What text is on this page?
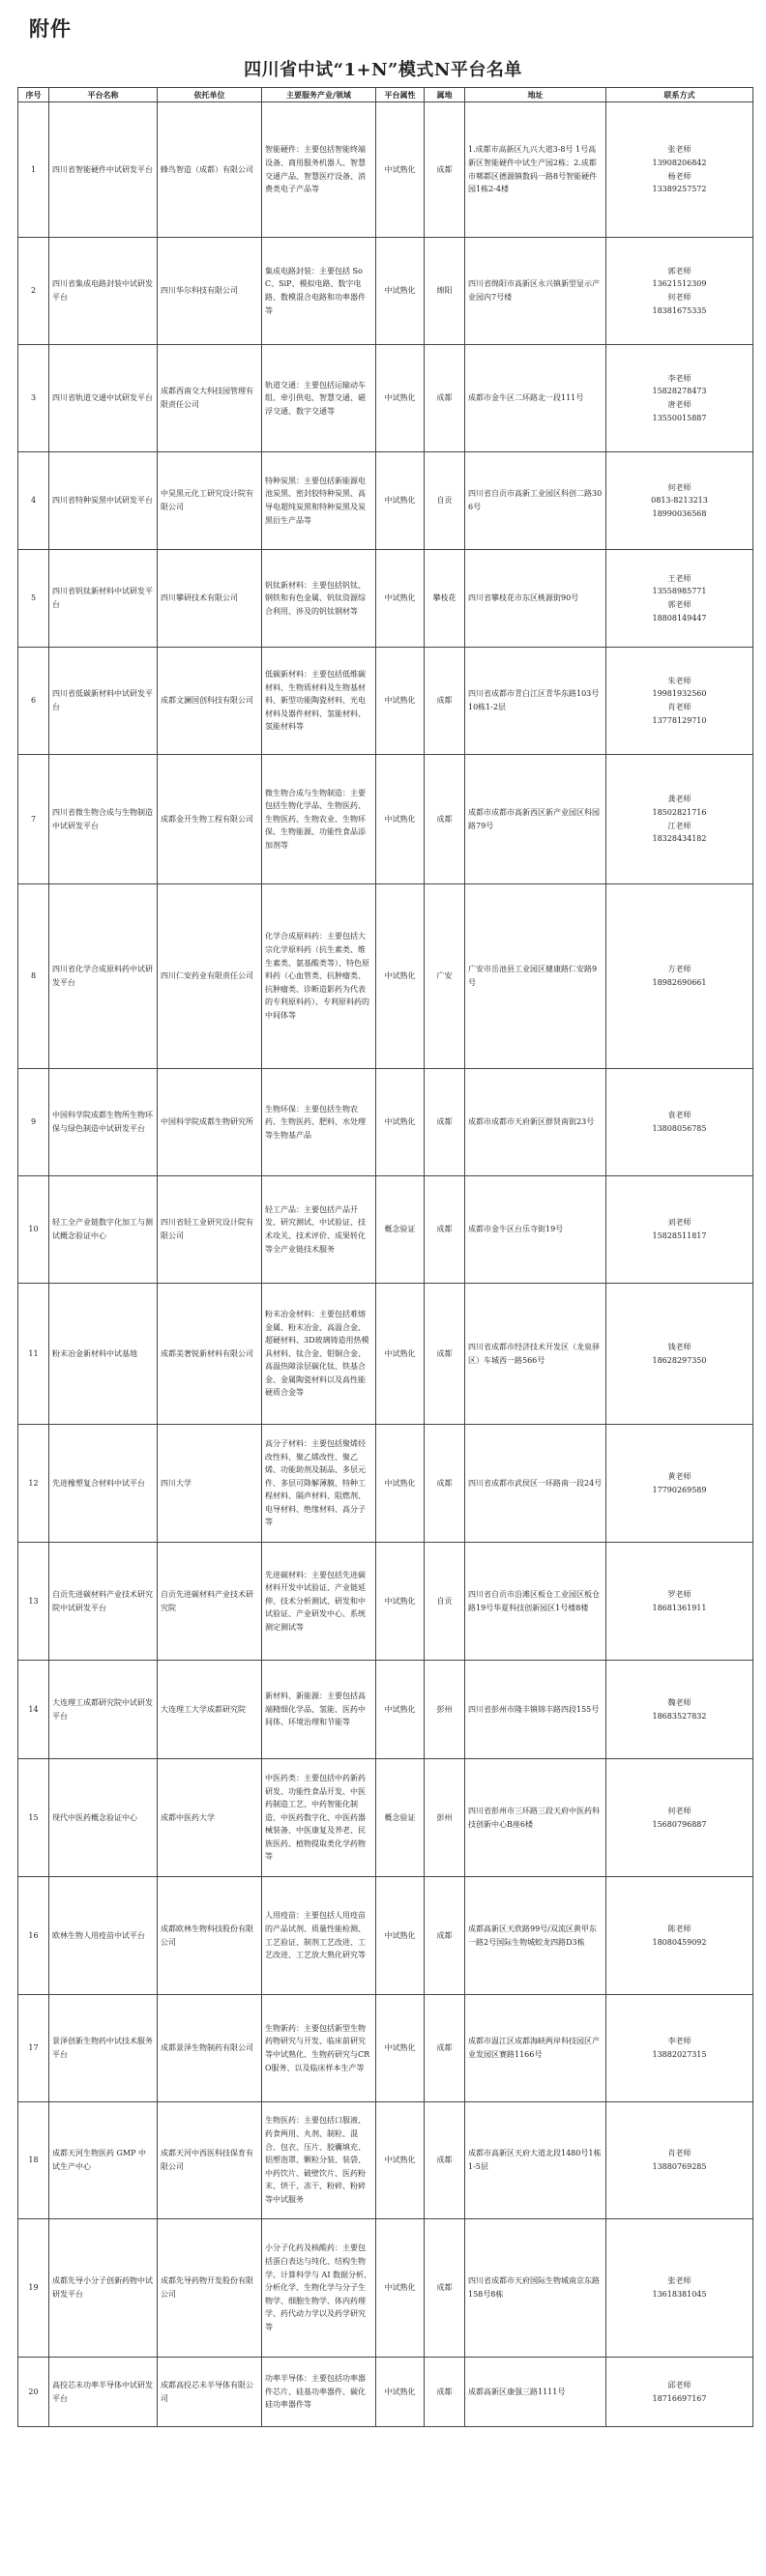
附件
四川省中试“1+N”模式N平台名单
序号	平台名称	依托单位	主要服务产业/领域	平台属性	属地	地址	联系方式
1	四川省智能硬件中试研发平台	蜂鸟智造（成都）有限公司	智能硬件：主要包括智能终端设备、商用服务机器人、智慧交通产品、智慧医疗设备、消费类电子产品等	中试熟化	成都	1.成都市高新区九兴大道3-8号 1号高新区智能硬件中试生产园2栋；2.成都市郫都区德源镇数码一路8号智能硬件园1栋2-4楼	张老师
13908206842
杨老师
13389257572
2	四川省集成电路封装中试研发平台	四川华尔科技有限公司	集成电路封装：主要包括 SoC、SiP、模拟电路、数字电路、数模混合电路和功率器件等	中试熟化	绵阳	四川省绵阳市高新区永兴镇新型显示产业园内7号楼	郭老师
13621512309
何老师
18381675335
3	四川省轨道交通中试研发平台	成都西南交大科技园管理有限责任公司	轨道交通：主要包括运输动车组、牵引供电、智慧交通、磁浮交通、数字交通等	中试熟化	成都	成都市金牛区二环路北一段111号	李老师
15828278473
唐老师
13550015887
4	四川省特种炭黑中试研发平台	中昊黑元化工研究设计院有限公司	特种炭黑：主要包括新能源电池炭黑、密封胶特种炭黑、高导电超纯炭黑和特种炭黑及炭黑衍生产品等	中试熟化	自贡	四川省自贡市高新工业园区科创二路306号	何老师
0813-8213213
18990036568
5	四川省钒钛新材料中试研发平台	四川攀研技术有限公司	钒钛新材料：主要包括钒钛、钢铁和有色金属、钒钛资源综合利用、涉及的钒钛钢材等	中试熟化	攀枝花	四川省攀枝花市东区桃源街90号	王老师
13558985771
郭老师
18808149447
6	四川省低碳新材料中试研发平台	成都文澜国创科技有限公司	低碳新材料：主要包括低维碳材料、生物质材料及生物基材料、新型功能陶瓷材料、光电材料及器件材料、氢能材料、氢能材料等	中试熟化	成都	四川省成都市青白江区青华东路103号10栋1-2层	朱老师
19981932560
肖老师
13778129710
7	四川省微生物合成与生物制造中试研发平台	成都金开生物工程有限公司	微生物合成与生物制造：主要包括生物化学品、生物医药、生物医药、生物农业、生物环保、生物能源、功能性食品添加剂等	中试熟化	成都	成都市成都市高新西区新产业园区科园路79号	龚老师
18502821716
江老师
18328434182
8	四川省化学合成原料药中试研发平台	四川仁安药业有限责任公司	化学合成原料药：主要包括大宗化学原料药（抗生素类、维生素类、氨基酸类等）、特色原料药（心血管类、抗肿瘤类、抗肿瘤类、诊断造影药为代表的专利原料药）、专利原料药的中间体等	中试熟化	广安	广安市岳池县工业园区健康路仁安路9号	方老师
18982690661
9	中国科学院成都生物所生物环保与绿色制造中试研发平台	中国科学院成都生物研究所	生物环保：主要包括生物农药、生物医药、肥料、水处理等生物基产品	中试熟化	成都	成都市成都市天府新区群贤南街23号	袁老师
13808056785
10	轻工全产业链数字化加工与测试概念验证中心	四川省轻工业研究设计院有限公司	轻工产品：主要包括产品开发、研究测试、中试验证、技术攻关、技术评价、成果转化等全产业链技术服务	概念验证	成都	成都市金牛区台乐寺街19号	刘老师
15828511817
11	粉末冶金新材料中试基地	成都美奢锐新材料有限公司	粉末冶金材料：主要包括难熔金属、粉末冶金、高温合金、超硬材料、3D玻璃铸造用热模具材料、钛合金、钼铜合金、高温热障涂层碳化钛、铁基合金、金属陶瓷材料以及高性能硬质合金等	中试熟化	成都	四川省成都市经济技术开发区（龙泉驿区）车城西一路566号	钱老师
18628297350
12	先进橡塑复合材料中试平台	四川大学	高分子材料：主要包括聚烯烃改性料、聚乙烯改性、聚乙烯、功能助剂及制品、多层元件、多层可降解薄膜、特种工程材料、隔声材料、阻燃剂、电导材料、绝缘材料、高分子等	中试熟化	成都	四川省成都市武侯区一环路南一段24号	黄老师
17790269589
13	自贡先进碳材料产业技术研究院中试研发平台	自贡先进碳材料产业技术研究院	先进碳材料：主要包括先进碳材料开发中试验证、产业链延伸、技术分析测试、研发和中试验证、产业研发中心、系统测定测试等	中试熟化	自贡	四川省自贡市沿滩区板仓工业园区板仓路19号华夏科技创新园区1号楼8楼	罗老师
18681361911
14	大连理工成都研究院中试研发平台	大连理工大学成都研究院	新材料、新能源：主要包括高端精细化学品、氢能、医药中间体、环境治理和节能等	中试熟化	彭州	四川省彭州市隆丰镇锦丰路四段155号	魏老师
18683527832
15	现代中医药概念验证中心	成都中医药大学	中医药类：主要包括中药新药研发、功能性食品开发、中医药制造工艺、中药智能化制造、中医药数字化、中医药器械装备、中医康复及养老、民族医药、植物提取类化学药物等	概念验证	彭州	四川省彭州市三环路三段天府中医药科技创新中心B座6楼	何老师
15680796887
16	欧林生物人用疫苗中试平台	成都欧林生物科技股份有限公司	人用疫苗：主要包括人用疫苗的产品试剂、质量性能检测、工艺验证、制剂工艺改进、工艺改进、工艺放大熟化研究等	中试熟化	成都	成都高新区天欣路99号/双流区黄甲东一路2号国际生物城蛟龙四路D3栋	陈老师
18080459092
17	景泽创新生物药中试技术服务平台	成都景泽生物制药有限公司	生物新药：主要包括新型生物药物研究与开发、临床前研究等中试熟化、生物药研究与CRO服务、以及临床样本生产等	中试熟化	成都	成都市温江区成都海峡两岸科技园区产业发园区赛路1166号	李老师
13882027315
18	成都天河生物医药 GMP 中试生产中心	成都天河中西医科技保育有限公司	生物医药：主要包括口服液、药食两用、丸剂、制粒、混合、包衣、压片、胶囊填充、铝塑泡罩、颗粒分装、装袋、中药饮片、破壁饮片、医药粉末、烘干、冻干、粉碎、粉碎等中试服务	中试熟化	成都	成都市高新区天府大道北段1480号1栋1-5层	肖老师
13880769285
19	成都先导小分子创新药物中试研发平台	成都先导药物开发股份有限公司	小分子化药及核酸药：主要包括蛋白表达与纯化、结构生物学、计算科学与 AI 数据分析、分析化学、生物化学与分子生物学、细胞生物学、体内药理学、药代动力学以及药学研究等	中试熟化	成都	四川省成都市天府国际生物城南京东路158号8栋	张老师
13618381045
20	高投芯未功率半导体中试研发平台	成都高投芯未半导体有限公司	功率半导体：主要包括功率器件芯片、硅基功率器件、碳化硅功率器件等	中试熟化	成都	成都高新区康强三路1111号	邱老师
18716697167
